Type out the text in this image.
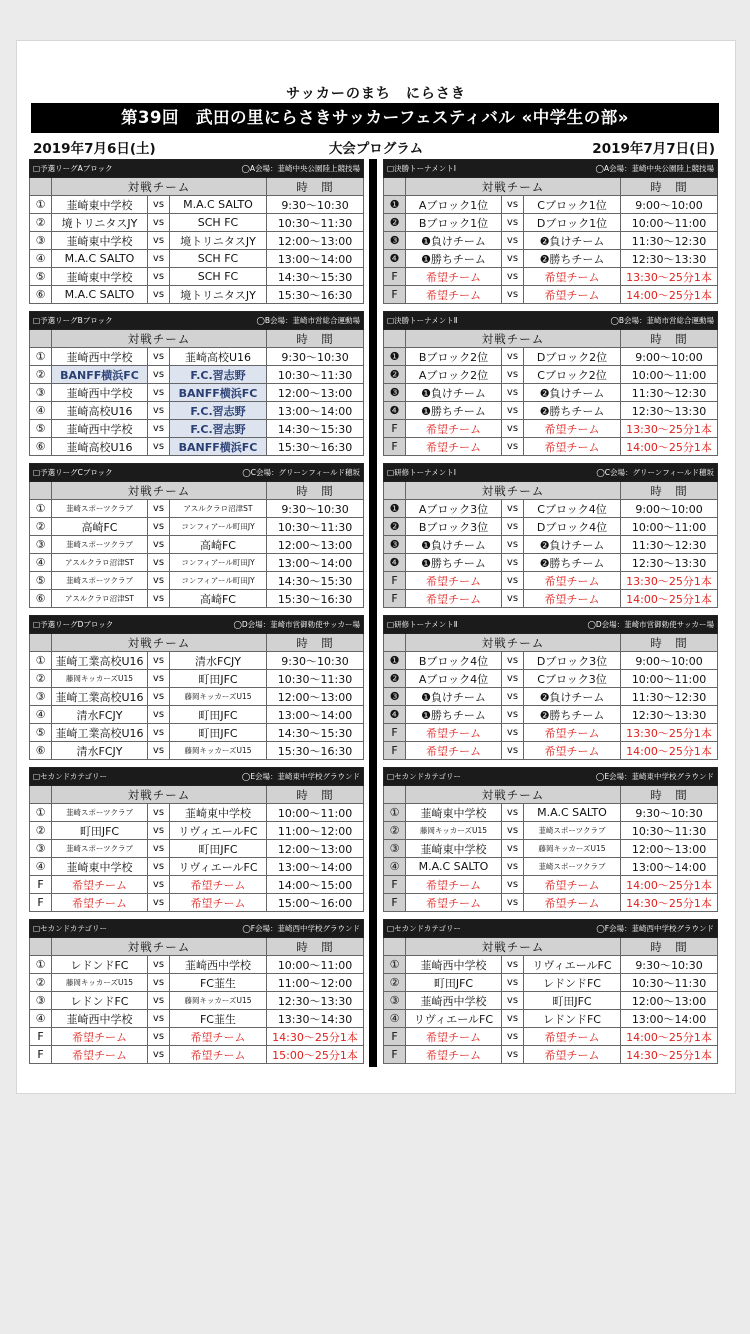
サッカーのまち　にらさき
第39回　武田の里にらさきサッカーフェスティバル «中学生の部»
2019年7月6日(土)	大会プログラム	2019年7月7日(日)
□予選リーグAブロック ◯A会場：韮崎中央公園陸上競技場				

	対戦チーム			時　間
①	韮崎東中学校	vs	M.A.C SALTO	9:30～10:30
②	境トリニタスJY	vs	SCH FC	10:30～11:30
③	韮崎東中学校	vs	境トリニタスJY	12:00～13:00
④	M.A.C SALTO	vs	SCH FC	13:00～14:00
⑤	韮崎東中学校	vs	SCH FC	14:30～15:30
⑥	M.A.C SALTO	vs	境トリニタスJY	15:30～16:30
□予選リーグBブロック ◯B会場：韮崎市営総合運動場				

	対戦チーム			時　間
①	韮崎西中学校	vs	韮崎高校U16	9:30～10:30
②	BANFF横浜FC	vs	F.C.習志野	10:30～11:30
③	韮崎西中学校	vs	BANFF横浜FC	12:00～13:00
④	韮崎高校U16	vs	F.C.習志野	13:00～14:00
⑤	韮崎西中学校	vs	F.C.習志野	14:30～15:30
⑥	韮崎高校U16	vs	BANFF横浜FC	15:30～16:30
□予選リーグCブロック ◯C会場：グリーンフィールド穂坂				

	対戦チーム			時　間
①	韮崎スポーツクラブ	vs	アスルクラロ沼津ST	9:30～10:30
②	高崎FC	vs	コンフィアール町田JY	10:30～11:30
③	韮崎スポーツクラブ	vs	高崎FC	12:00～13:00
④	アスルクラロ沼津ST	vs	コンフィアール町田JY	13:00～14:00
⑤	韮崎スポーツクラブ	vs	コンフィアール町田JY	14:30～15:30
⑥	アスルクラロ沼津ST	vs	高崎FC	15:30～16:30
□予選リーグDブロック ◯D会場：韮崎市営御勅使サッカー場				

	対戦チーム			時　間
①	韮崎工業高校U16	vs	清水FCJY	9:30～10:30
②	藤岡キッカーズU15	vs	町田JFC	10:30～11:30
③	韮崎工業高校U16	vs	藤岡キッカーズU15	12:00～13:00
④	清水FCJY	vs	町田JFC	13:00～14:00
⑤	韮崎工業高校U16	vs	町田JFC	14:30～15:30
⑥	清水FCJY	vs	藤岡キッカーズU15	15:30～16:30
□セカンドカテゴリー ◯E会場：韮崎東中学校グラウンド				

	対戦チーム			時　間
①	韮崎スポーツクラブ	vs	韮崎東中学校	10:00～11:00
②	町田JFC	vs	リヴィエールFC	11:00～12:00
③	韮崎スポーツクラブ	vs	町田JFC	12:00～13:00
④	韮崎東中学校	vs	リヴィエールFC	13:00～14:00
F	希望チーム	vs	希望チーム	14:00～15:00
F	希望チーム	vs	希望チーム	15:00～16:00
□セカンドカテゴリー ◯F会場：韮崎西中学校グラウンド				

	対戦チーム			時　間
①	レドンドFC	vs	韮崎西中学校	10:00～11:00
②	藤岡キッカーズU15	vs	FC韮生	11:00～12:00
③	レドンドFC	vs	藤岡キッカーズU15	12:30～13:30
④	韮崎西中学校	vs	FC韮生	13:30～14:30
F	希望チーム	vs	希望チーム	14:30～25分1本
F	希望チーム	vs	希望チーム	15:00～25分1本
□決勝トーナメントⅠ ◯A会場：韮崎中央公園陸上競技場				

	対戦チーム			時　間
❶	Aブロック1位	vs	Cブロック1位	9:00～10:00
❷	Bブロック1位	vs	Dブロック1位	10:00～11:00
❸	❶負けチーム	vs	❷負けチーム	11:30～12:30
❹	❶勝ちチーム	vs	❷勝ちチーム	12:30～13:30
F	希望チーム	vs	希望チーム	13:30～25分1本
F	希望チーム	vs	希望チーム	14:00～25分1本
□決勝トーナメントⅡ ◯B会場：韮崎市営総合運動場				

	対戦チーム			時　間
❶	Bブロック2位	vs	Dブロック2位	9:00～10:00
❷	Aブロック2位	vs	Cブロック2位	10:00～11:00
❸	❶負けチーム	vs	❷負けチーム	11:30～12:30
❹	❶勝ちチーム	vs	❷勝ちチーム	12:30～13:30
F	希望チーム	vs	希望チーム	13:30～25分1本
F	希望チーム	vs	希望チーム	14:00～25分1本
□研修トーナメントⅠ ◯C会場：グリーンフィールド穂坂				

	対戦チーム			時　間
❶	Aブロック3位	vs	Cブロック4位	9:00～10:00
❷	Bブロック3位	vs	Dブロック4位	10:00～11:00
❸	❶負けチーム	vs	❷負けチーム	11:30～12:30
❹	❶勝ちチーム	vs	❷勝ちチーム	12:30～13:30
F	希望チーム	vs	希望チーム	13:30～25分1本
F	希望チーム	vs	希望チーム	14:00～25分1本
□研修トーナメントⅡ ◯D会場：韮崎市営御勅使サッカー場				

	対戦チーム			時　間
❶	Bブロック4位	vs	Dブロック3位	9:00～10:00
❷	Aブロック4位	vs	Cブロック3位	10:00～11:00
❸	❶負けチーム	vs	❷負けチーム	11:30～12:30
❹	❶勝ちチーム	vs	❷勝ちチーム	12:30～13:30
F	希望チーム	vs	希望チーム	13:30～25分1本
F	希望チーム	vs	希望チーム	14:00～25分1本
□セカンドカテゴリー ◯E会場：韮崎東中学校グラウンド				

	対戦チーム			時　間
①	韮崎東中学校	vs	M.A.C SALTO	9:30～10:30
②	藤岡キッカーズU15	vs	韮崎スポーツクラブ	10:30～11:30
③	韮崎東中学校	vs	藤岡キッカーズU15	12:00～13:00
④	M.A.C SALTO	vs	韮崎スポーツクラブ	13:00～14:00
F	希望チーム	vs	希望チーム	14:00～25分1本
F	希望チーム	vs	希望チーム	14:30～25分1本
□セカンドカテゴリー ◯F会場：韮崎西中学校グラウンド				

	対戦チーム			時　間
①	韮崎西中学校	vs	リヴィエールFC	9:30～10:30
②	町田JFC	vs	レドンドFC	10:30～11:30
③	韮崎西中学校	vs	町田JFC	12:00～13:00
④	リヴィエールFC	vs	レドンドFC	13:00～14:00
F	希望チーム	vs	希望チーム	14:00～25分1本
F	希望チーム	vs	希望チーム	14:30～25分1本
